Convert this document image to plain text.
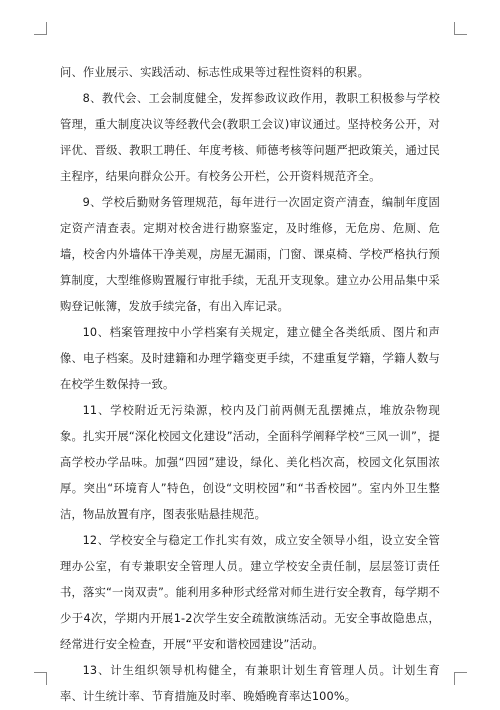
问、作业展示、实践活动、标志性成果等过程性资料的积累。

8、教代会、工会制度健全，发挥参政议政作用，教职工积极参与学校管理，重大制度决议等经教代会(教职工会议)审议通过。坚持校务公开，对评优、晋级、教职工聘任、年度考核、师德考核等问题严把政策关，通过民主程序，结果向群众公开。有校务公开栏，公开资料规范齐全。

9、学校后勤财务管理规范，每年进行一次固定资产清查，编制年度固定资产清查表。定期对校舍进行勘察鉴定，及时维修，无危房、危厕、危墙，校舍内外墙体干净美观，房屋无漏雨，门窗、课桌椅、学校严格执行预算制度，大型维修购置履行审批手续，无乱开支现象。建立办公用品集中采购登记帐簿，发放手续完备，有出入库记录。

10、档案管理按中小学档案有关规定，建立健全各类纸质、图片和声像、电子档案。及时建籍和办理学籍变更手续，不建重复学籍，学籍人数与在校学生数保持一致。

11、学校附近无污染源，校内及门前两侧无乱摆摊点，堆放杂物现象。扎实开展“深化校园文化建设”活动，全面科学阐释学校“三风一训”，提高学校办学品味。加强“四园”建设，绿化、美化档次高，校园文化氛围浓厚。突出“环境育人”特色，创设“文明校园”和“书香校园”。室内外卫生整洁，物品放置有序，图表张贴悬挂规范。

12、学校安全与稳定工作扎实有效，成立安全领导小组，设立安全管理办公室，有专兼职安全管理人员。建立学校安全责任制，层层签订责任书，落实“一岗双责”。能利用多种形式经常对师生进行安全教育，每学期不少于4次，学期内开展1-2次学生安全疏散演练活动。无安全事故隐患点，经常进行安全检查，开展“平安和谐校园建设”活动。

13、计生组织领导机构健全，有兼职计划生育管理人员。计划生育率、计生统计率、节育措施及时率、晚婚晚育率达100%。
